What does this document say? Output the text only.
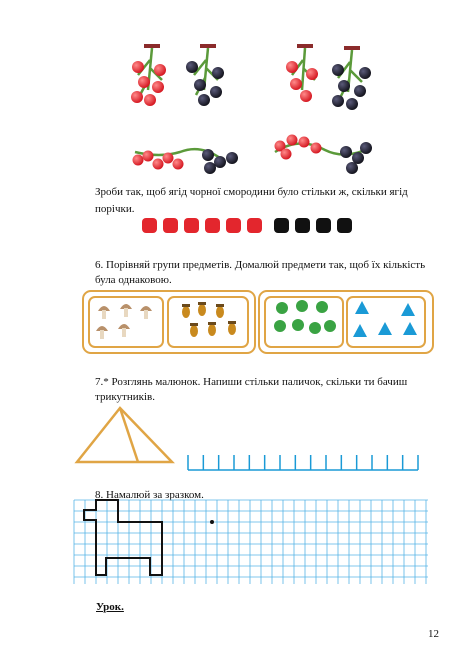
Зроби так, щоб ягід чорної смородини було стільки ж, скільки ягід
порічки.
6. Порівняй групи предметів. Домалюй предмети так, щоб їх кількість
була однаковою.
7.* Розглянь малюнок. Напиши стільки паличок, скільки ти бачиш
трикутників.
8. Намалюй за зразком.
Урок.
12
